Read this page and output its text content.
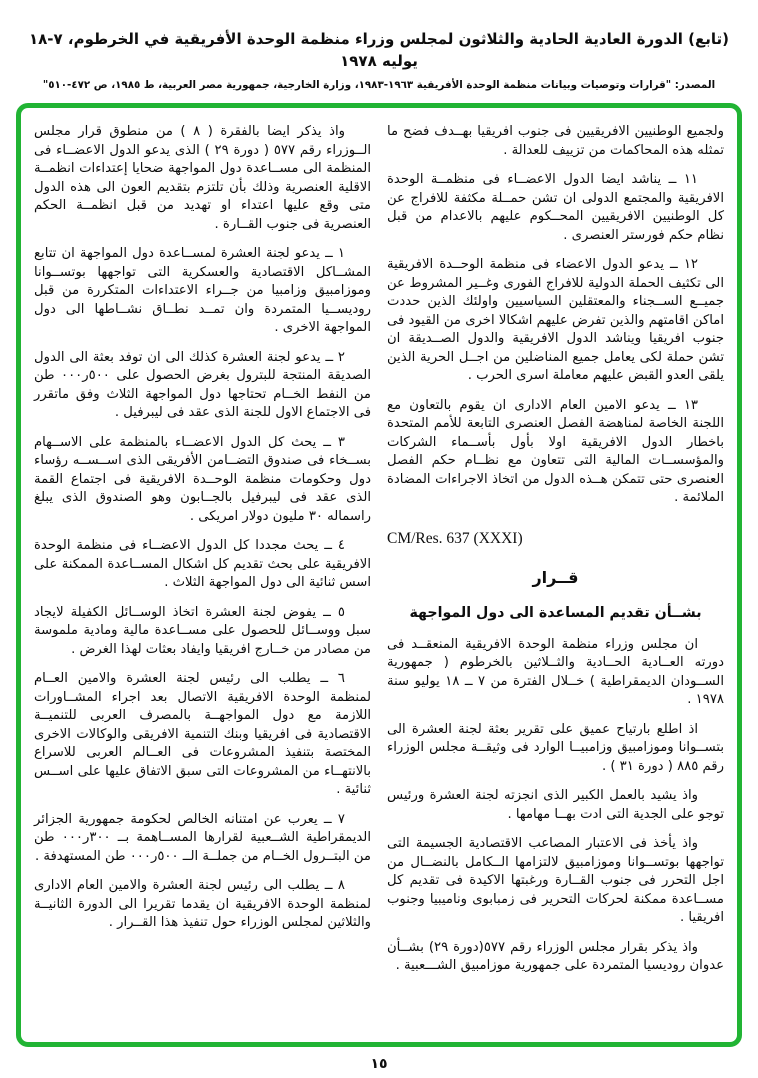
(تابع) الدورة العادية الحادية والثلاثون لمجلس وزراء منظمة الوحدة الأفريقية في الخرطوم، ٧-١٨ يوليه ١٩٧٨
المصدر: "قرارات وتوصيات وبيانات منظمة الوحدة الأفريقية ١٩٦٣-١٩٨٣، وزارة الخارجية، جمهورية مصر العربية، ط ١٩٨٥، ص ٤٧٢-٥١٠"

ولجميع الوطنيين الافريقيين فى جنوب افريقيا بهــدف فضح ما تمثله هذه المحاكمات من تزييف للعدالة .

١١ ــ يناشد ايضا الدول الاعضــاء فى منظمــة الوحدة الافريقية والمجتمع الدولى ان تشن حمــلة مكثفة للافراج عن كل الوطنيين الافريقيين المحــكوم عليهم بالاعدام من قبل نظام حكم فورستر العنصرى .

١٢ ــ يدعو الدول الاعضاء فى منظمة الوحــدة الافريقية الى تكثيف الحملة الدولية للافراج الفورى وغــير المشروط عن جميــع الســجناء والمعتقلين السياسيين واولئك الذين حددت اماكن اقامتهم والذين تفرض عليهم اشكالا اخرى من القيود فى جنوب افريقيا ويناشد الدول الافريقية والدول الصــديقة ان تشن حملة لكى يعامل جميع المناضلين من اجــل الحرية الذين يلقى العدو القبض عليهم معاملة اسرى الحرب .

١٣ ــ يدعو الامين العام الادارى ان يقوم بالتعاون مع اللجنة الخاصة لمناهضة الفصل العنصرى التابعة للأمم المتحدة باخطار الدول الافريقية اولا بأول بأســماء الشركات والمؤسســات المالية التى تتعاون مع نظــام حكم الفصل العنصرى حتى تتمكن هــذه الدول من اتخاذ الاجراءات المضادة الملائمة .

CM/Res. 637 (XXXI)

قــرار
بشــأن تقديم المساعدة الى دول المواجهة

ان مجلس وزراء منظمة الوحدة الافريقية المنعقــد فى دورته العــادية الحــادية والثــلاثين بالخرطوم ( جمهورية الســودان الديمقراطية ) خــلال الفترة من ٧ ــ ١٨ يوليو سنة ١٩٧٨ .

اذ اطلع بارتياح عميق على تقرير بعثة لجنة العشرة الى بتســوانا وموزامبيق وزامبيــا الوارد فى وثيقــة مجلس الوزراء رقم ٨٨٥ ( دورة ٣١ ) .

واذ يشيد بالعمل الكبير الذى انجزته لجنة العشرة ورئيس توجو على الجدية التى ادت بهــا مهامها .

واذ يأخذ فى الاعتبار المصاعب الاقتصادية الجسيمة التى تواجهها بوتســوانا وموزامبيق لالتزامها الــكامل بالنضــال من اجل التحرر فى جنوب القــارة ورغبتها الاكيدة فى تقديم كل مســاعدة ممكنة لحركات التحرير فى زمبابوى وناميبيا وجنوب افريقيا .

واذ يذكر بقرار مجلس الوزراء رقم ٥٧٧(دورة ٢٩) بشــأن عدوان روديسيا المتمردة على جمهورية موزامبيق الشـــعبية .

واذ يذكر ايضا بالفقرة ( ٨ ) من منطوق قرار مجلس الــوزراء رقم ٥٧٧ ( دورة ٢٩ ) الذى يدعو الدول الاعضــاء فى المنظمة الى مســاعدة دول المواجهة ضحايا إعتداءات انظمــة الاقلية العنصرية وذلك بأن تلتزم بتقديم العون الى هذه الدول متى وقع عليها اعتداء او تهديد من قبل انظمــة الحكم العنصرية فى جنوب القــارة .

١ ــ يدعو لجنة العشرة لمســاعدة دول المواجهة ان تتابع المشــاكل الاقتصادية والعسكرية التى تواجهها بوتســوانا وموزامبيق وزامبيا من جــراء الاعتداءات المتكررة من قبل روديســيا المتمردة وان تمــد نطــاق نشــاطها الى دول المواجهة الاخرى .

٢ ــ يدعو لجنة العشرة كذلك الى ان توفد بعثة الى الدول الصديقة المنتجة للبترول بغرض الحصول على ٥٠٠ر٠٠٠ طن من النفط الخــام تحتاجها دول المواجهة الثلاث وفق ماتقرر فى الاجتماع الاول للجنة الذى عقد فى ليبرفيل .

٣ ــ يحث كل الدول الاعضــاء بالمنظمة على الاســهام بســخاء فى صندوق التضــامن الأفريقى الذى اســســه رؤساء دول وحكومات منظمة الوحــدة الافريقية فى اجتماع القمة الذى عقد فى ليبرفيل بالجــابون وهو الصندوق الذى يبلغ راسماله ٣٠ مليون دولار امريكى .

٤ ــ يحث مجددا كل الدول الاعضــاء فى منظمة الوحدة الافريقية على بحث تقديم كل اشكال المســاعدة الممكنة على اسس ثنائية الى دول المواجهة الثلاث .

٥ ــ يفوض لجنة العشرة اتخاذ الوســائل الكفيلة لايجاد سبل ووســائل للحصول على مســاعدة مالية ومادية ملموسة من مصادر من خــارج افريقيا وايفاد بعثات لهذا الغرض .

٦ ــ يطلب الى رئيس لجنة العشرة والامين العــام لمنظمة الوحدة الافريقية الاتصال بعد اجراء المشــاورات اللازمة مع دول المواجهــة بالمصرف العربى للتنميــة الاقتصادية فى افريقيا وبنك التنمية الافريقى والوكالات الاخرى المختصة بتنفيذ المشروعات فى العــالم العربى للاسراع بالانتهــاء من المشروعات التى سبق الاتفاق عليها على اســس ثنائية .

٧ ــ يعرب عن امتنانه الخالص لحكومة جمهورية الجزائر الديمقراطية الشــعبية لقرارها المســاهمة بــ ٣٠٠ر٠٠٠ طن من البتــرول الخــام من جملــة الــ ٥٠٠ر٠٠٠ طن المستهدفة .

٨ ــ يطلب الى رئيس لجنة العشرة والامين العام الادارى لمنظمة الوحدة الافريقية ان يقدما تقريرا الى الدورة الثانيــة والثلاثين لمجلس الوزراء حول تنفيذ هذا القــرار .

١٥
